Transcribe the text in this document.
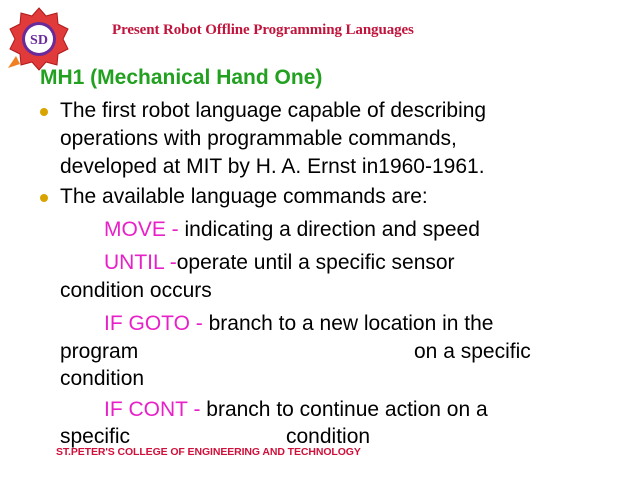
SD
Present Robot Offline Programming Languages
MH1 (Mechanical Hand One)
The first robot language capable of describing
operations with programmable commands,
developed at MIT by H. A. Ernst in1960-1961.
The available language commands are:
MOVE - indicating a direction and speed
UNTIL -operate until a specific sensor
condition occurs
IF GOTO - branch to a new location in the
program	on a specific
condition
IF CONT - branch to continue action on a
specific	condition
ST.PETER'S COLLEGE OF ENGINEERING AND TECHNOLOGY
